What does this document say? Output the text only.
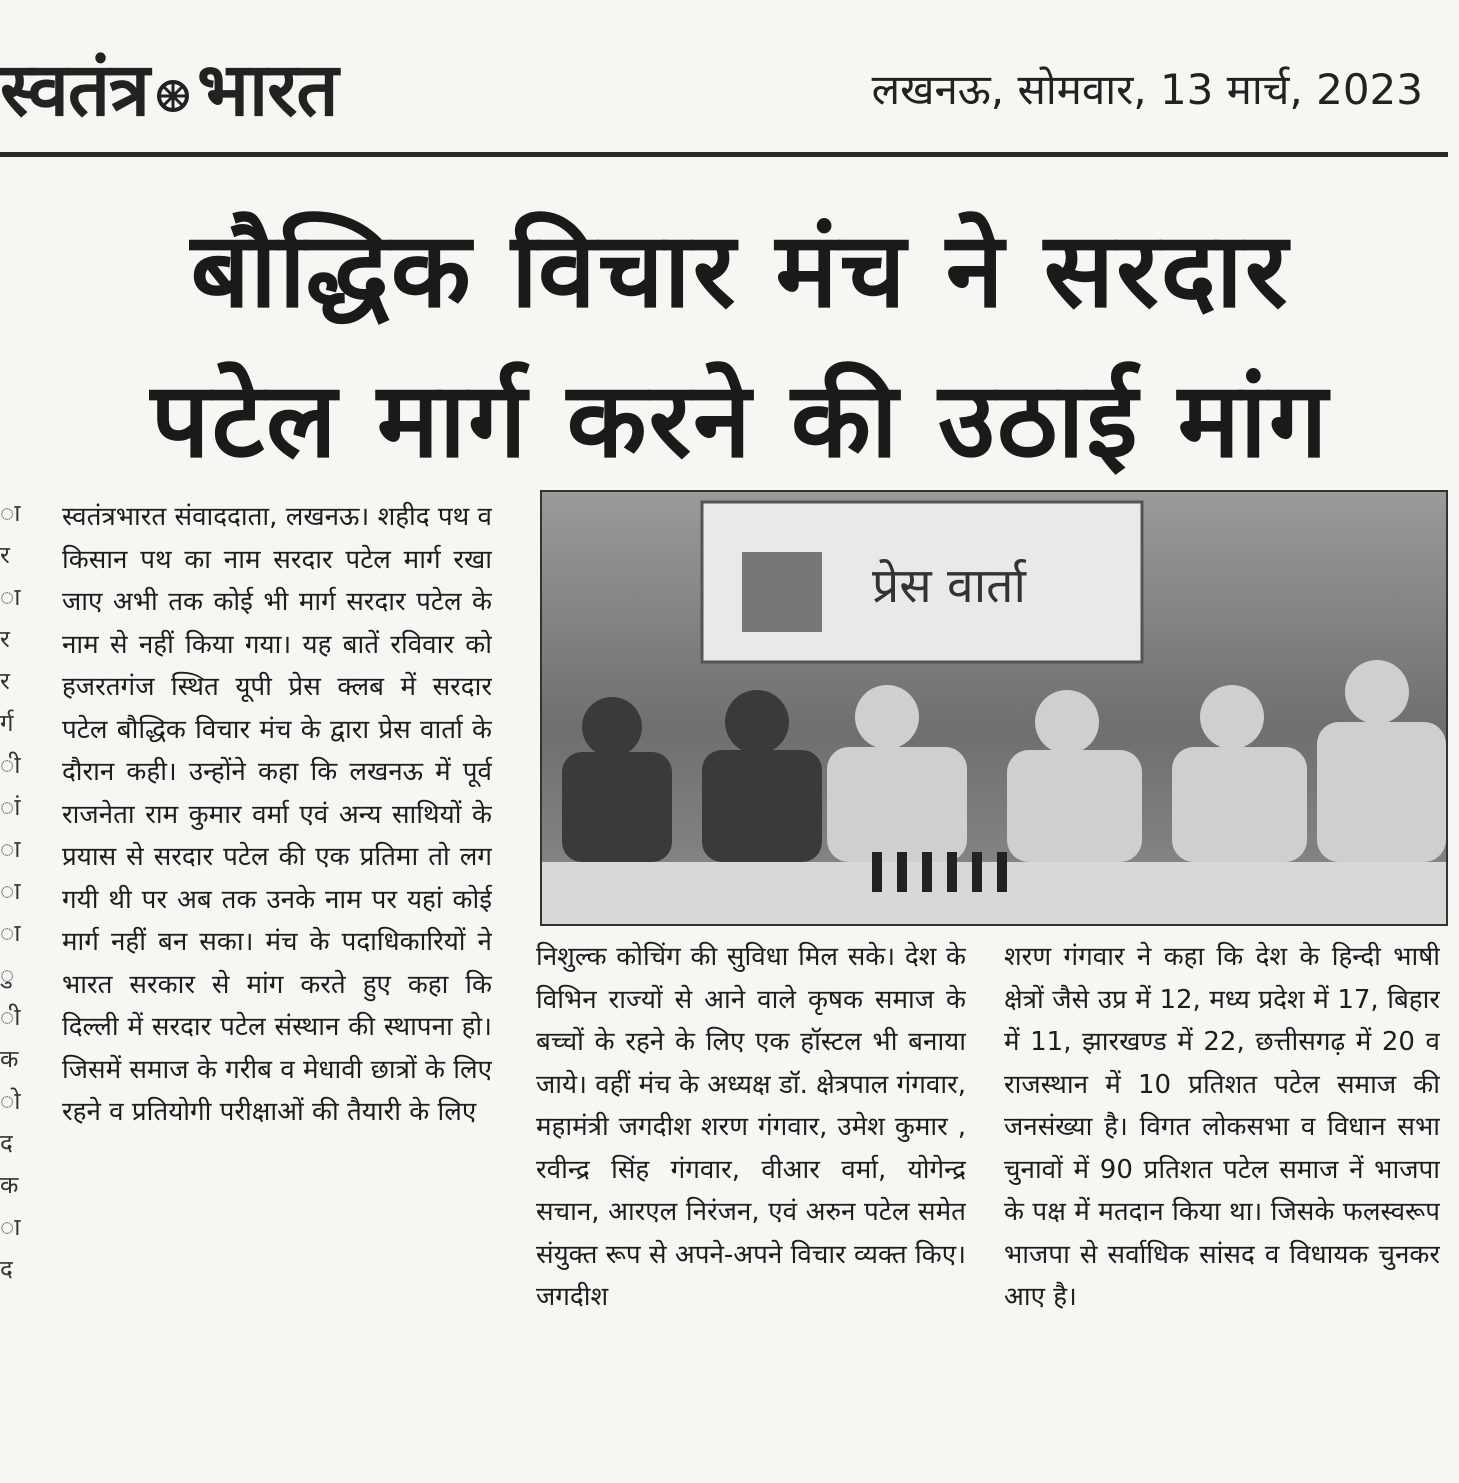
स्वतंत्र भारत	लखनऊ, सोमवार, 13 मार्च, 2023
बौद्धिक विचार मंच ने सरदार
पटेल मार्ग करने की उठाई मांग
ा
र
ा
र
र
र्ग
ी
ां
ा
ा
ा
ु
ी
क
ो
द
क
ा
द
स्वतंत्रभारत संवाददाता, लखनऊ। शहीद पथ व किसान पथ का नाम सरदार पटेल मार्ग रखा जाए अभी तक कोई भी मार्ग सरदार पटेल के नाम से नहीं किया गया। यह बातें रविवार को हजरतगंज स्थित यूपी प्रेस क्लब में सरदार पटेल बौद्धिक विचार मंच के द्वारा प्रेस वार्ता के दौरान कही। उन्होंने कहा कि लखनऊ में पूर्व राजनेता राम कुमार वर्मा एवं अन्य साथियों के प्रयास से सरदार पटेल की एक प्रतिमा तो लग गयी थी पर अब तक उनके नाम पर यहां कोई मार्ग नहीं बन सका। मंच के पदाधिकारियों ने भारत सरकार से मांग करते हुए कहा कि दिल्ली में सरदार पटेल संस्थान की स्थापना हो। जिसमें समाज के गरीब व मेधावी छात्रों के लिए रहने व प्रतियोगी परीक्षाओं की तैयारी के लिए
प्रेस वार्ता
निशुल्क कोचिंग की सुविधा मिल सके। देश के विभिन राज्यों से आने वाले कृषक समाज के बच्चों के रहने के लिए एक हॉस्टल भी बनाया जाये। वहीं मंच के अध्यक्ष डॉ. क्षेत्रपाल गंगवार, महामंत्री जगदीश शरण गंगवार, उमेश कुमार , रवीन्द्र सिंह गंगवार, वीआर वर्मा, योगेन्द्र सचान, आरएल निरंजन, एवं अरुन पटेल समेत संयुक्त रूप से अपने-अपने विचार व्यक्त किए। जगदीश
शरण गंगवार ने कहा कि देश के हिन्दी भाषी क्षेत्रों जैसे उप्र में 12, मध्य प्रदेश में 17, बिहार में 11, झारखण्ड में 22, छत्तीसगढ़ में 20 व राजस्थान में 10 प्रतिशत पटेल समाज की जनसंख्या है। विगत लोकसभा व विधान सभा चुनावों में 90 प्रतिशत पटेल समाज नें भाजपा के पक्ष में मतदान किया था। जिसके फलस्वरूप भाजपा से सर्वाधिक सांसद व विधायक चुनकर आए है।
